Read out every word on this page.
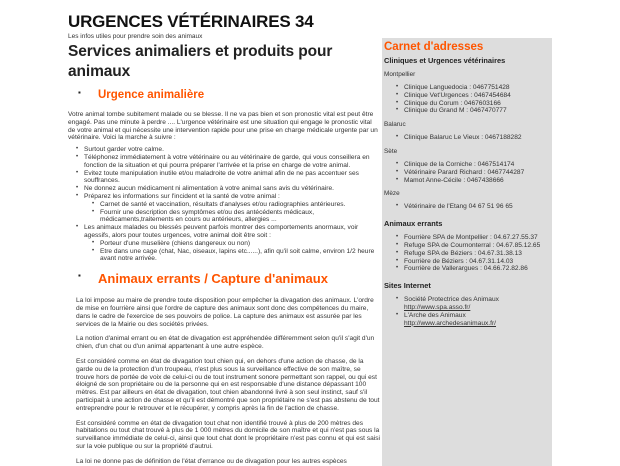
URGENCES VÉTÉRINAIRES 34

Les infos utiles pour prendre soin des animaux

Services animaliers et produits pour animaux
▪ Urgence animalière

Votre animal tombe subitement malade ou se blesse. Il ne va pas bien et son pronostic vital est peut être engagé. Pas une minute à perdre .... L'urgence vétérinaire est une situation qui engage le pronostic vital de votre animal et qui nécessite une intervention rapide pour une prise en charge médicale urgente par un vétérinaire. Voici la marche à suivre :

• Surtout garder votre calme.
• Téléphonez immédiatement à votre vétérinaire ou au vétérinaire de garde, qui vous conseillera en fonction de la situation et qui pourra préparer l'arrivée et la prise en charge de votre animal.
• Evitez toute manipulation inutile et/ou maladroite de votre animal afin de ne pas accentuer ses souffrances.
• Ne donnez aucun médicament ni alimentation à votre animal sans avis du vétérinaire.
• Préparez les informations sur l'incident et la santé de votre animal :
• Carnet de santé et vaccination, résultats d'analyses et/ou radiographies antérieures.
• Fournir une description des symptômes et/ou des antécédents médicaux, médicaments,traitements en cours ou antérieurs, allergies ...
• Les animaux malades ou blessés peuvent parfois montrer des comportements anormaux, voir agessifs, alors pour toutes urgences, votre animal doit être soit :
• Porteur d'une muselière (chiens dangereux ou non)
• Etre dans une cage (chat, Nac, oiseaux, lapins etc......), afin qu'il soit calme, environ 1/2 heure avant notre arrivée.
▪ Animaux errants / Capture d'animaux

La loi impose au maire de prendre toute disposition pour empêcher la divagation des animaux. L'ordre de mise en fourrière ainsi que l'ordre de capture des animaux sont donc des compétences du maire, dans le cadre de l'exercice de ses pouvoirs de police. La capture des animaux est assurée par les services de la Mairie ou des sociétés privées.

La notion d'animal errant ou en état de divagation est appréhendée différemment selon qu'il s'agit d'un chien, d'un chat ou d'un animal appartenant à une autre espèce.

Est considéré comme en état de divagation tout chien qui, en dehors d'une action de chasse, de la garde ou de la protection d'un troupeau, n'est plus sous la surveillance effective de son maître, se trouve hors de portée de voix de celui-ci ou de tout instrument sonore permettant son rappel, ou qui est éloigné de son propriétaire ou de la personne qui en est responsable d'une distance dépassant 100 mètres. Est par ailleurs en état de divagation, tout chien abandonné livré à son seul instinct, sauf s'il participait à une action de chasse et qu'il est démontré que son propriétaire ne s'est pas abstenu de tout entreprendre pour le retrouver et le récupérer, y compris après la fin de l'action de chasse.

Est considéré comme en état de divagation tout chat non identifié trouvé à plus de 200 mètres des habitations ou tout chat trouvé à plus de 1 000 mètres du domicile de son maître et qui n'est pas sous la surveillance immédiate de celui-ci, ainsi que tout chat dont le propriétaire n'est pas connu et qui est saisi sur la voie publique ou sur la propriété d'autrui.

La loi ne donne pas de définition de l'état d'errance ou de divagation pour les autres espèces

Carnet d'adresses
Cliniques et Urgences vétérinaires

Montpellier

• Clinique Languedocia : 0467751428
• Clinique Vet'Urgences : 0467454684
• Clinique du Corum : 0467603166
• Clinique du Grand M : 0467470777

Balaruc

• Clinique Balaruc Le Vieux : 0467188282

Sète

• Clinique de la Corniche : 0467514174
• Vétérinaire Parard Richard : 0467744287
• Mamot Anne-Cécile : 0467438666

Mèze

• Vétérinaire de l'Etang 04 67 51 96 65
Animaux errants
• Fourrière SPA de Montpellier : 04.67.27.55.37
• Refuge SPA de Cournonterral : 04.67.85.12.65
• Refuge SPA de Béziers : 04.67.31.38.13
• Fourrière de Béziers : 04.67.31.14.03
• Fourrière de Vallerargues : 04.66.72.82.86
Sites Internet
• Société Protectrice des Animaux
http://www.spa.asso.fr/
• L'Arche des Animaux
http://www.archedesanimaux.fr/
